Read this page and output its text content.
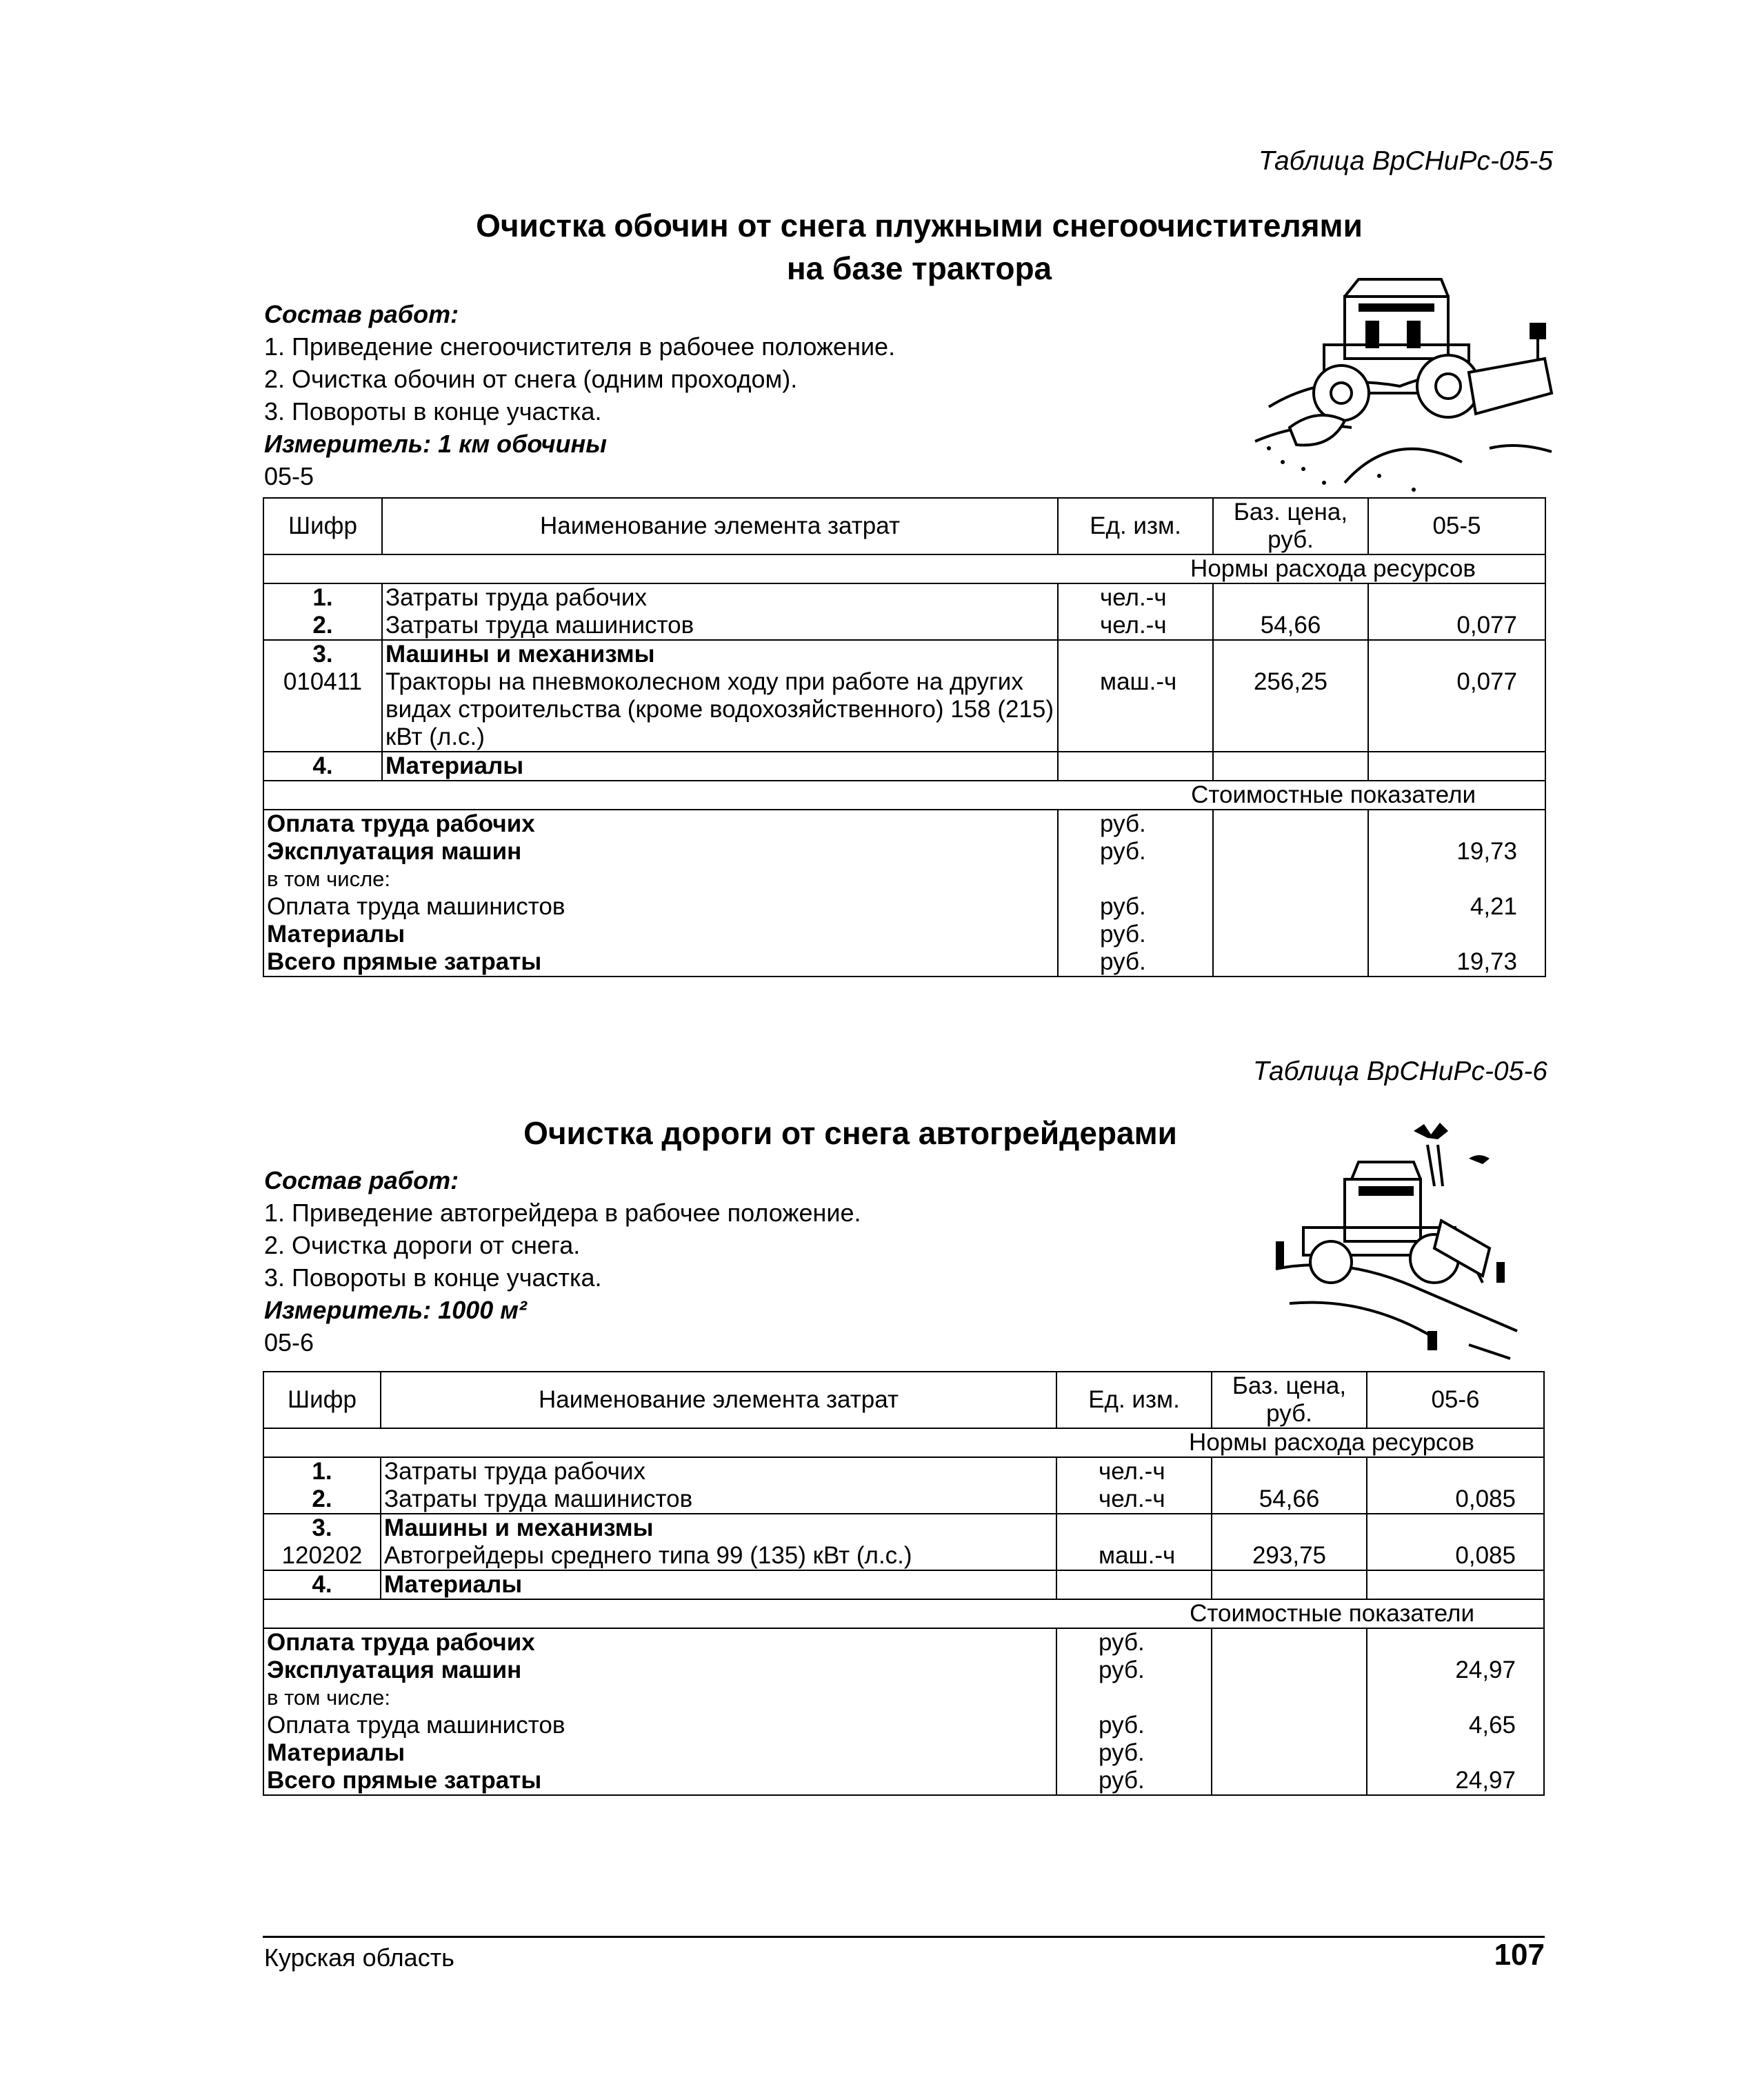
Таблица ВрСНиРс-05-5
Очистка обочин от снега плужными снегоочистителями
на базе трактора
Состав работ:
1. Приведение снегоочистителя в рабочее положение.
2. Очистка обочин от снега (одним проходом).
3. Повороты в конце участка.
Измеритель: 1 км обочины
05-5
Шифр	Наименование элемента затрат	Ед. изм.	Баз. цена, руб.	05-5
Нормы расхода ресурсов				
1.	Затраты труда рабочих	чел.-ч		
2.	Затраты труда машинистов	чел.-ч	54,66	0,077
3.	Машины и механизмы			
010411	Тракторы на пневмоколесном ходу при работе на других видах строительства (кроме водохозяйственного) 158 (215) кВт (л.с.)	маш.-ч	256,25	0,077
4.	Материалы			
Стоимостные показатели				
Оплата труда рабочих		руб.		
Эксплуатация машин		руб.		19,73
в том числе:				
Оплата труда машинистов		руб.		4,21
Материалы		руб.		
Всего прямые затраты		руб.		19,73
Таблица ВрСНиРс-05-6
Очистка дороги от снега автогрейдерами
Состав работ:
1. Приведение автогрейдера в рабочее положение.
2. Очистка дороги от снега.
3. Повороты в конце участка.
Измеритель: 1000 м²
05-6
Шифр	Наименование элемента затрат	Ед. изм.	Баз. цена, руб.	05-6
Нормы расхода ресурсов				
1.	Затраты труда рабочих	чел.-ч		
2.	Затраты труда машинистов	чел.-ч	54,66	0,085
3.	Машины и механизмы			
120202	Автогрейдеры среднего типа 99 (135) кВт (л.с.)	маш.-ч	293,75	0,085
4.	Материалы			
Стоимостные показатели				
Оплата труда рабочих		руб.		
Эксплуатация машин		руб.		24,97
в том числе:				
Оплата труда машинистов		руб.		4,65
Материалы		руб.		
Всего прямые затраты		руб.		24,97
Курская область	107
